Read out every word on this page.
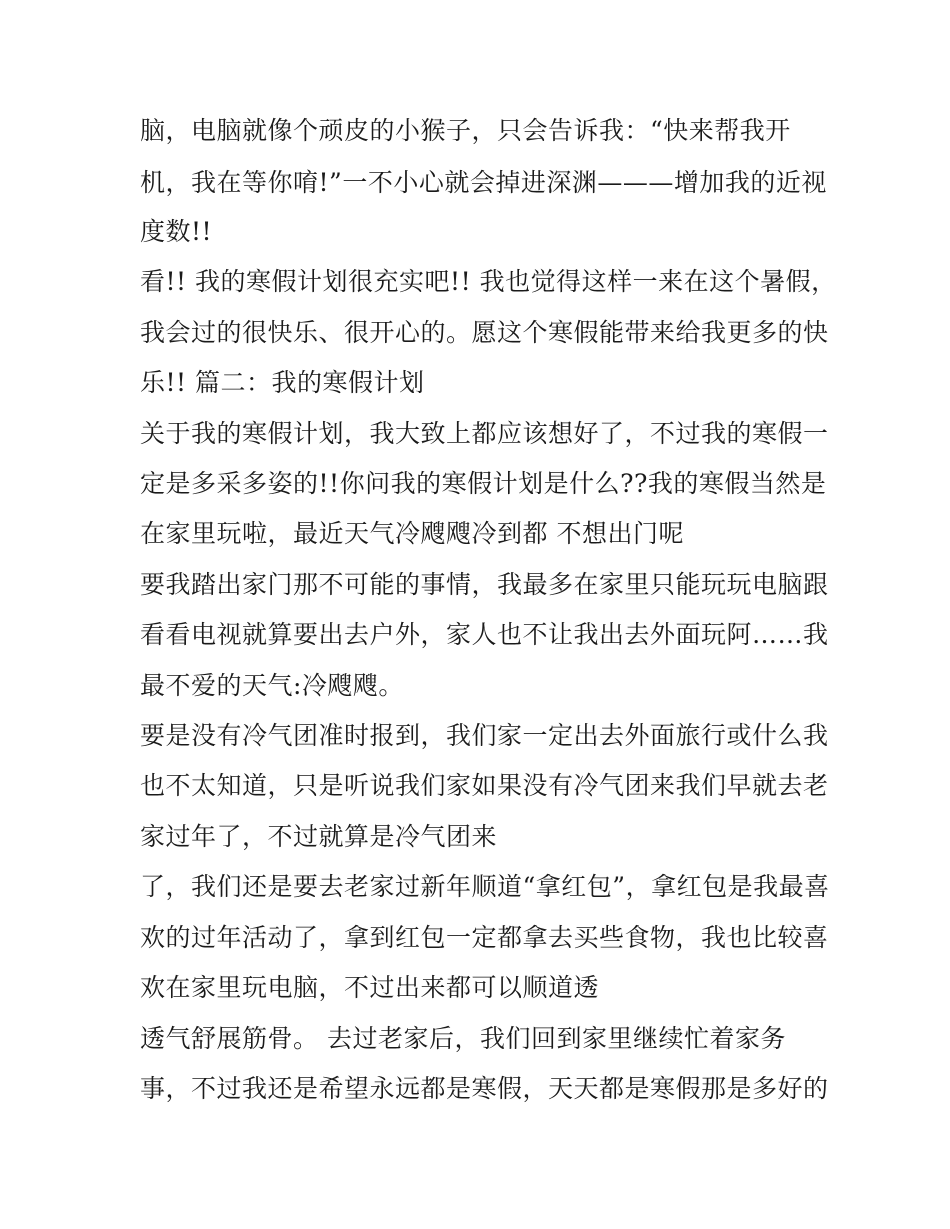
脑，电脑就像个顽皮的小猴子，只会告诉我：“快来帮我开
机，我在等你唷!”一不小心就会掉进深渊———增加我的近视
度数!!
看!! 我的寒假计划很充实吧!! 我也觉得这样一来在这个暑假，
我会过的很快乐、很开心的。愿这个寒假能带来给我更多的快
乐!! 篇二：我的寒假计划
关于我的寒假计划，我大致上都应该想好了，不过我的寒假一
定是多采多姿的!!你问我的寒假计划是什么??我的寒假当然是
在家里玩啦，最近天气冷飕飕冷到都 不想出门呢
要我踏出家门那不可能的事情，我最多在家里只能玩玩电脑跟
看看电视就算要出去户外，家人也不让我出去外面玩阿……我
最不爱的天气:冷飕飕。
要是没有冷气团准时报到，我们家一定出去外面旅行或什么我
也不太知道，只是听说我们家如果没有冷气团来我们早就去老
家过年了，不过就算是冷气团来
了，我们还是要去老家过新年顺道“拿红包”，拿红包是我最喜
欢的过年活动了，拿到红包一定都拿去买些食物，我也比较喜
欢在家里玩电脑，不过出来都可以顺道透
透气舒展筋骨。 去过老家后，我们回到家里继续忙着家务
事，不过我还是希望永远都是寒假，天天都是寒假那是多好的
